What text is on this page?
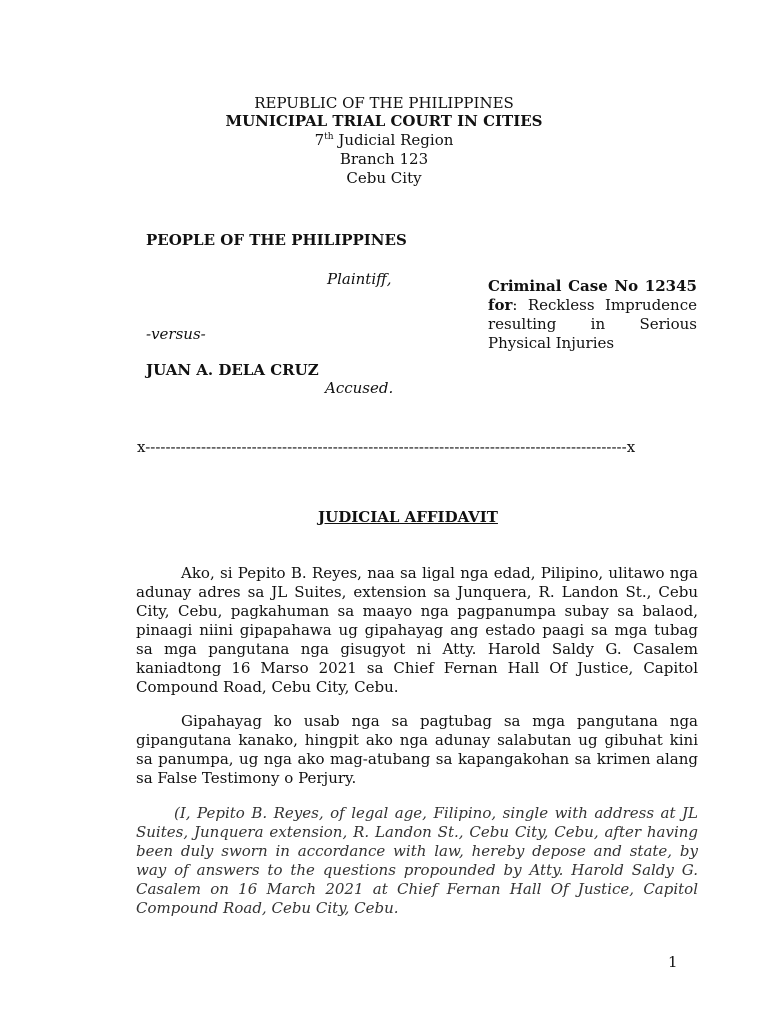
REPUBLIC OF THE PHILIPPINES

MUNICIPAL TRIAL COURT IN CITIES

7th Judicial Region

Branch 123

Cebu City

PEOPLE OF THE PHILIPPINES

Plaintiff,

-versus-

JUAN A. DELA CRUZ

Accused.

Criminal Case No 12345 for: Reckless Imprudence resulting in Serious Physical Injuries

x-----------------------------------------------------------------------------------------------x

JUDICIAL AFFIDAVIT

Ako, si Pepito B. Reyes, naa sa ligal nga edad, Pilipino, ulitawo nga adunay adres sa JL Suites, extension sa Junquera, R. Landon St., Cebu City, Cebu, pagkahuman sa maayo nga pagpanumpa subay sa balaod, pinaagi niini gipapahawa ug gipahayag ang estado paagi sa mga tubag sa mga pangutana nga gisugyot ni Atty. Harold Saldy G. Casalem kaniadtong 16 Marso 2021 sa Chief Fernan Hall Of Justice, Capitol Compound Road, Cebu City, Cebu.

Gipahayag ko usab nga sa pagtubag sa mga pangutana nga gipangutana kanako, hingpit ako nga adunay salabutan ug gibuhat kini sa panumpa, ug nga ako mag-atubang sa kapangakohan sa krimen alang sa False Testimony o Perjury.

(I, Pepito B. Reyes, of legal age, Filipino, single with address at JL Suites, Junquera extension, R. Landon St., Cebu City, Cebu, after having been duly sworn in accordance with law, hereby depose and state, by way of answers to the questions propounded by Atty. Harold Saldy G. Casalem on 16 March 2021 at Chief Fernan Hall Of Justice, Capitol Compound Road, Cebu City, Cebu.

1
